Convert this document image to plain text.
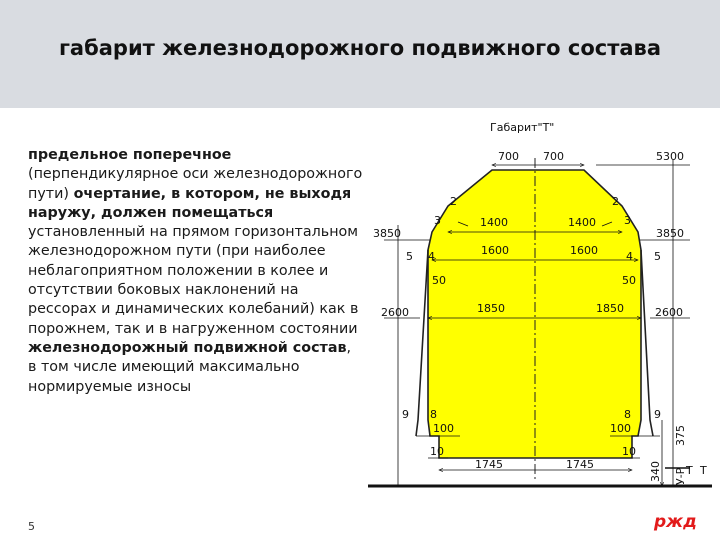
габарит железнодорожного подвижного состава
предельное поперечное (перпендикулярное оси железнодорожного пути) очертание, в котором, не выходя наружу, должен помещаться установленный на прямом горизонтальном железнодорожном пути (при наиболее неблагоприятном положении в колее и отсутствии боковых наклонений на рессорах и динамических колебаний) как в порожнем, так и в нагруженном состоянии железнодорожный подвижной состав, в том числе имеющий максимально нормируемые износы
Габарит"Т"
2	2
3	3
4	4
5	5
8	8
9	9
Т Т
5300
700 700
1400	1400
3850	3850
1600	1600
50	50
1850	1850
2600	2600
100	100
10	10
1745	1745
375
340 У-Р
5	ржд
